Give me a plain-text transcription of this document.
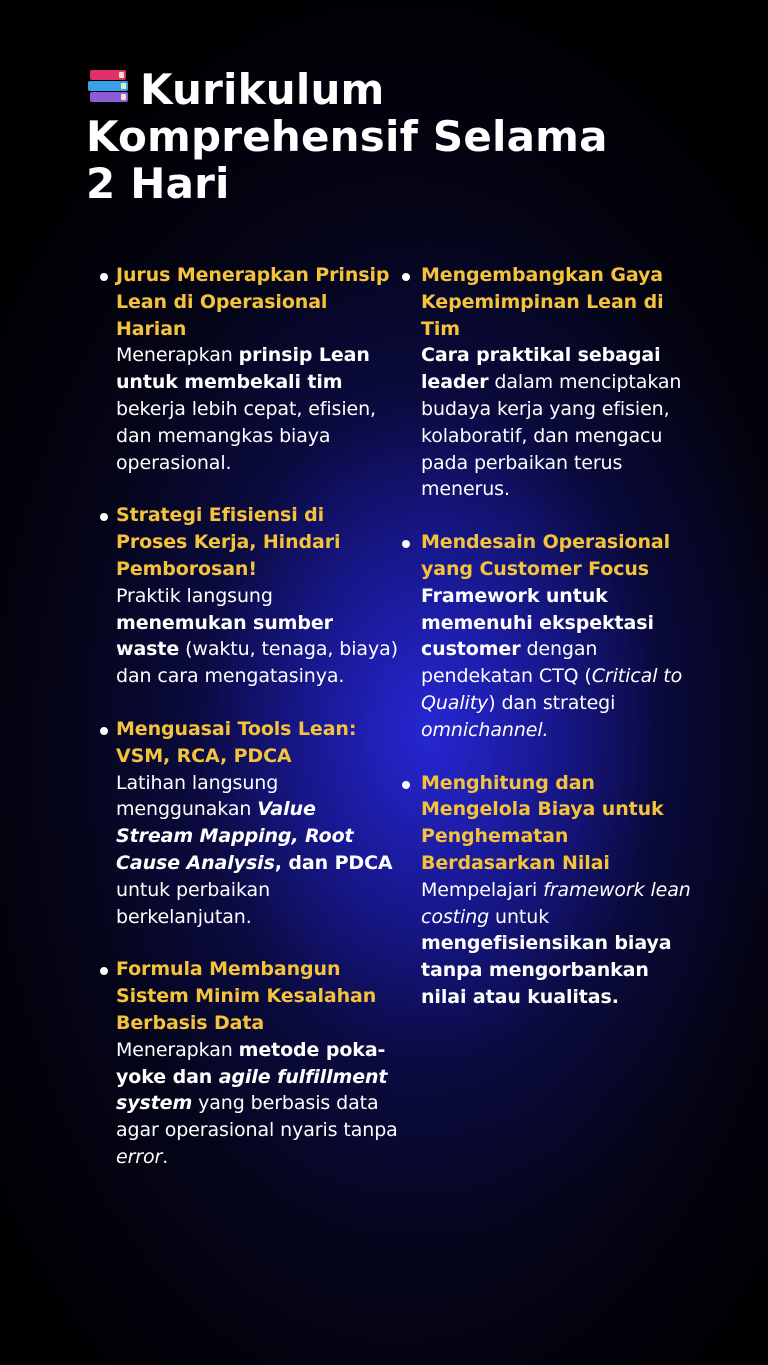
Kurikulum
Komprehensif Selama
2 Hari
Jurus Menerapkan Prinsip Lean di Operasional Harian
Menerapkan prinsip Lean untuk membekali tim bekerja lebih cepat, efisien, dan memangkas biaya operasional.
Strategi Efisiensi di Proses Kerja, Hindari Pemborosan!
Praktik langsung menemukan sumber waste (waktu, tenaga, biaya) dan cara mengatasinya.
Menguasai Tools Lean: VSM, RCA, PDCA
Latihan langsung menggunakan Value Stream Mapping, Root Cause Analysis, dan PDCA untuk perbaikan berkelanjutan.
Formula Membangun Sistem Minim Kesalahan Berbasis Data
Menerapkan metode poka-yoke dan agile fulfillment system yang berbasis data agar operasional nyaris tanpa error.
Mengembangkan Gaya Kepemimpinan Lean di Tim
Cara praktikal sebagai leader dalam menciptakan budaya kerja yang efisien, kolaboratif, dan mengacu pada perbaikan terus menerus.
Mendesain Operasional yang Customer Focus
Framework untuk memenuhi ekspektasi customer dengan pendekatan CTQ (Critical to Quality) dan strategi omnichannel.
Menghitung dan Mengelola Biaya untuk Penghematan Berdasarkan Nilai
Mempelajari framework lean costing untuk mengefisiensikan biaya tanpa mengorbankan nilai atau kualitas.
